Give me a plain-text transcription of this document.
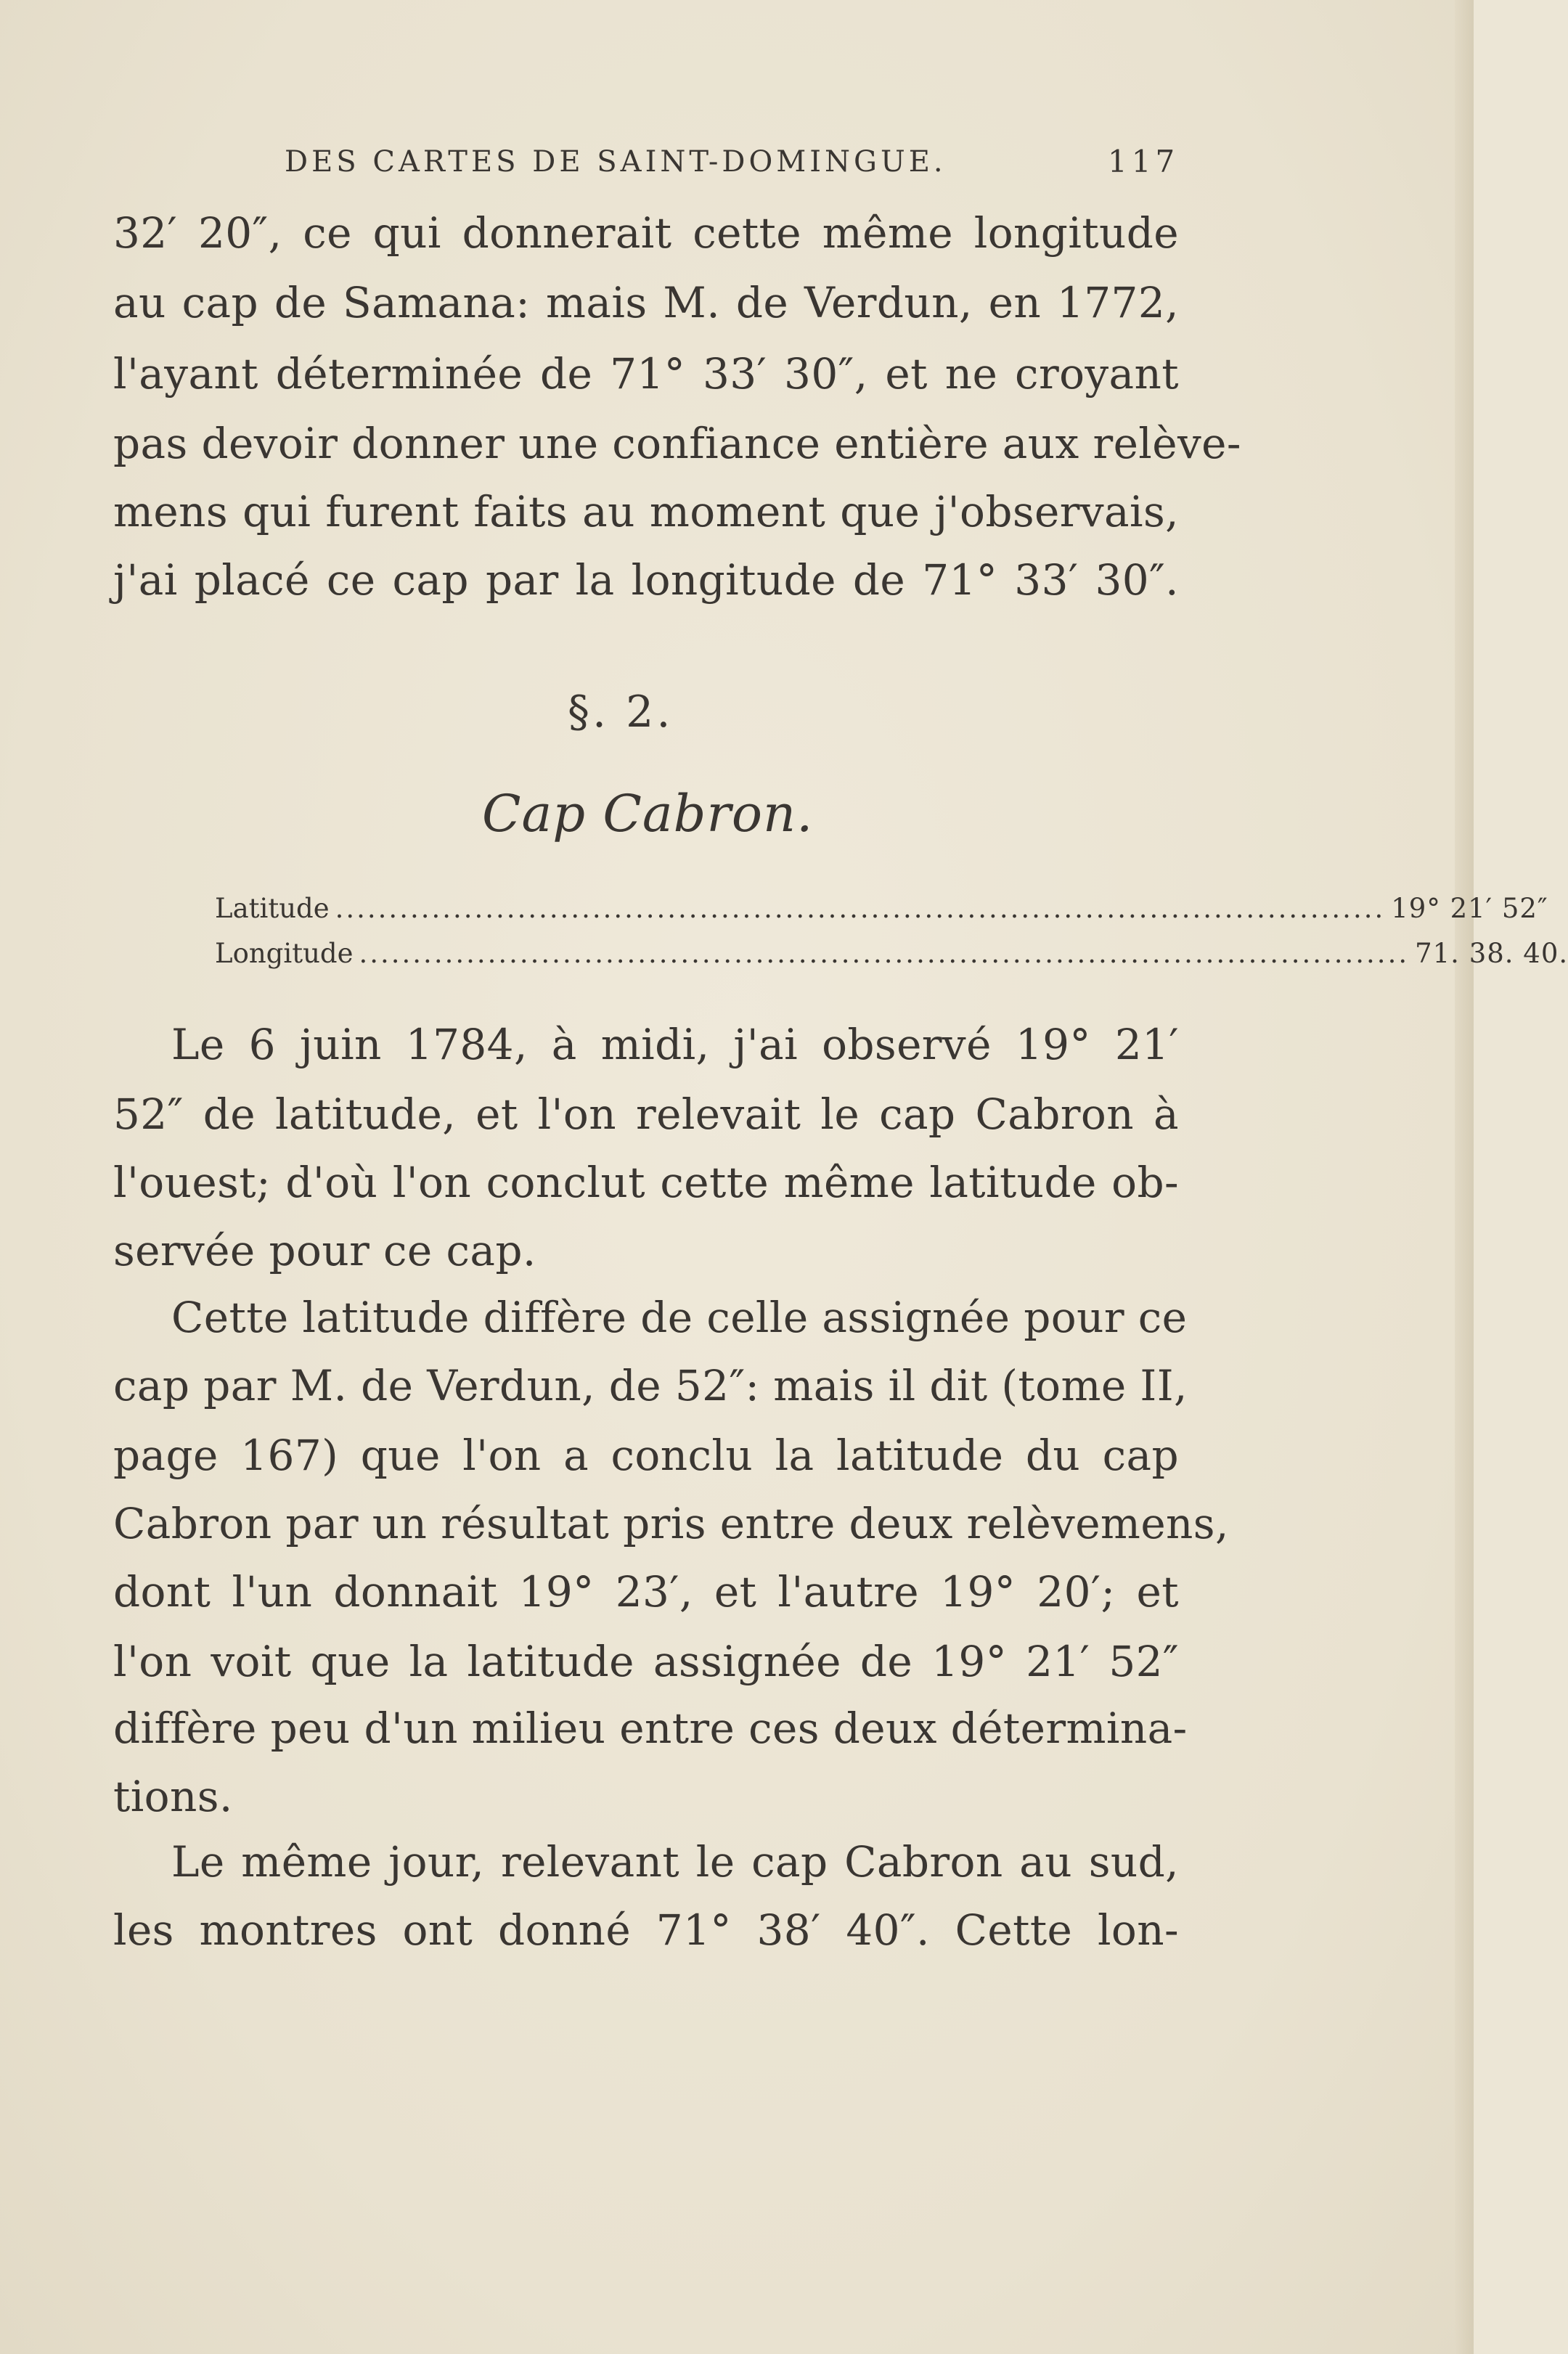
DES CARTES DE SAINT-DOMINGUE.	117
32′ 20″, ce qui donnerait cette même longitude
au cap de Samana: mais M. de Verdun, en 1772,
l'ayant déterminée de 71° 33′ 30″, et ne croyant
pas devoir donner une confiance entière aux relève-
mens qui furent faits au moment que j'observais,
j'ai placé ce cap par la longitude de 71° 33′ 30″.
§. 2.
Cap Cabron.
Latitude .................................................................................................. 19° 21′ 52″
Longitude .................................................................................................. 71. 38. 40.
Le 6 juin 1784, à midi, j'ai observé 19° 21′
52″ de latitude, et l'on relevait le cap Cabron à
l'ouest; d'où l'on conclut cette même latitude ob-
servée pour ce cap.
Cette latitude diffère de celle assignée pour ce
cap par M. de Verdun, de 52″: mais il dit (tome II,
page 167) que l'on a conclu la latitude du cap
Cabron par un résultat pris entre deux relèvemens,
dont l'un donnait 19° 23′, et l'autre 19° 20′; et
l'on voit que la latitude assignée de 19° 21′ 52″
diffère peu d'un milieu entre ces deux détermina-
tions.
Le même jour, relevant le cap Cabron au sud,
les montres ont donné 71° 38′ 40″. Cette lon-
